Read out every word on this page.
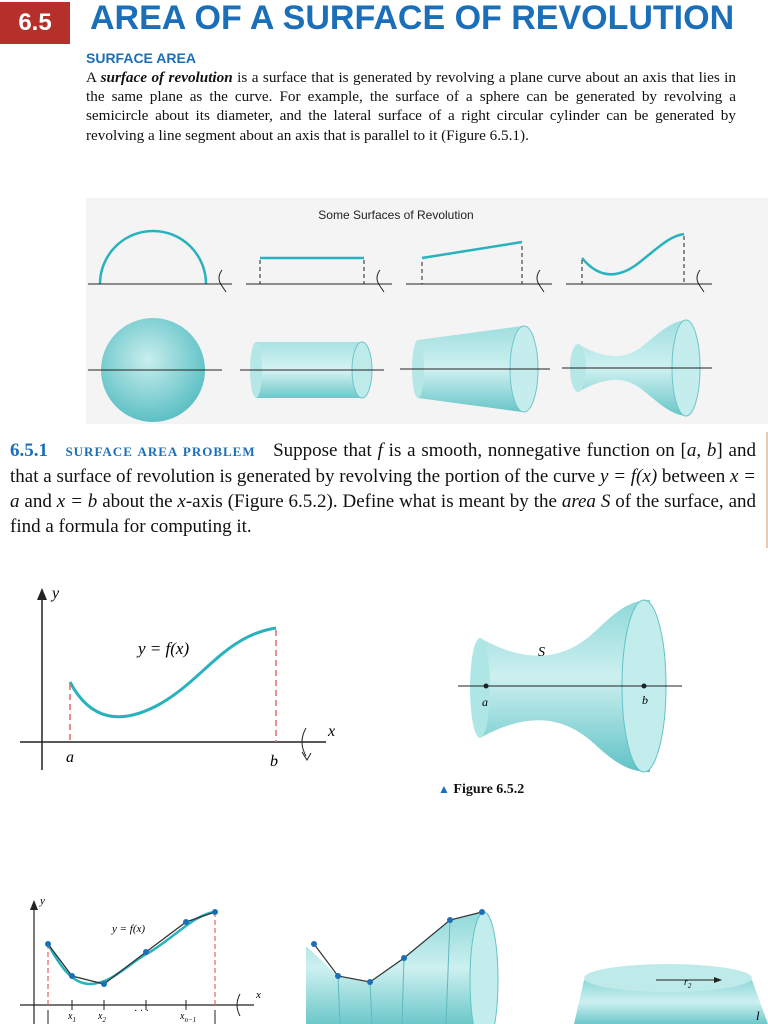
6.5	AREA OF A SURFACE OF REVOLUTION
SURFACE AREA
A surface of revolution is a surface that is generated by revolving a plane curve about an axis that lies in the same plane as the curve. For example, the surface of a sphere can be generated by revolving a semicircle about its diameter, and the lateral surface of a right circular cylinder can be generated by revolving a line segment about an axis that is parallel to it (Figure 6.5.1).
Some Surfaces of Revolution
6.5.1 SURFACE AREA PROBLEM Suppose that f is a smooth, nonnegative function on [a, b] and that a surface of revolution is generated by revolving the portion of the curve y = f(x) between x = a and x = b about the x-axis (Figure 6.5.2). Define what is meant by the area S of the surface, and find a formula for computing it.
y
x
y = f(x)
a	b
S
a	b
▲ Figure 6.5.2
y
x
y = f(x)
$x_1$ $x_2$
· · ·	$x_{n-1}$
$r_2$
l
